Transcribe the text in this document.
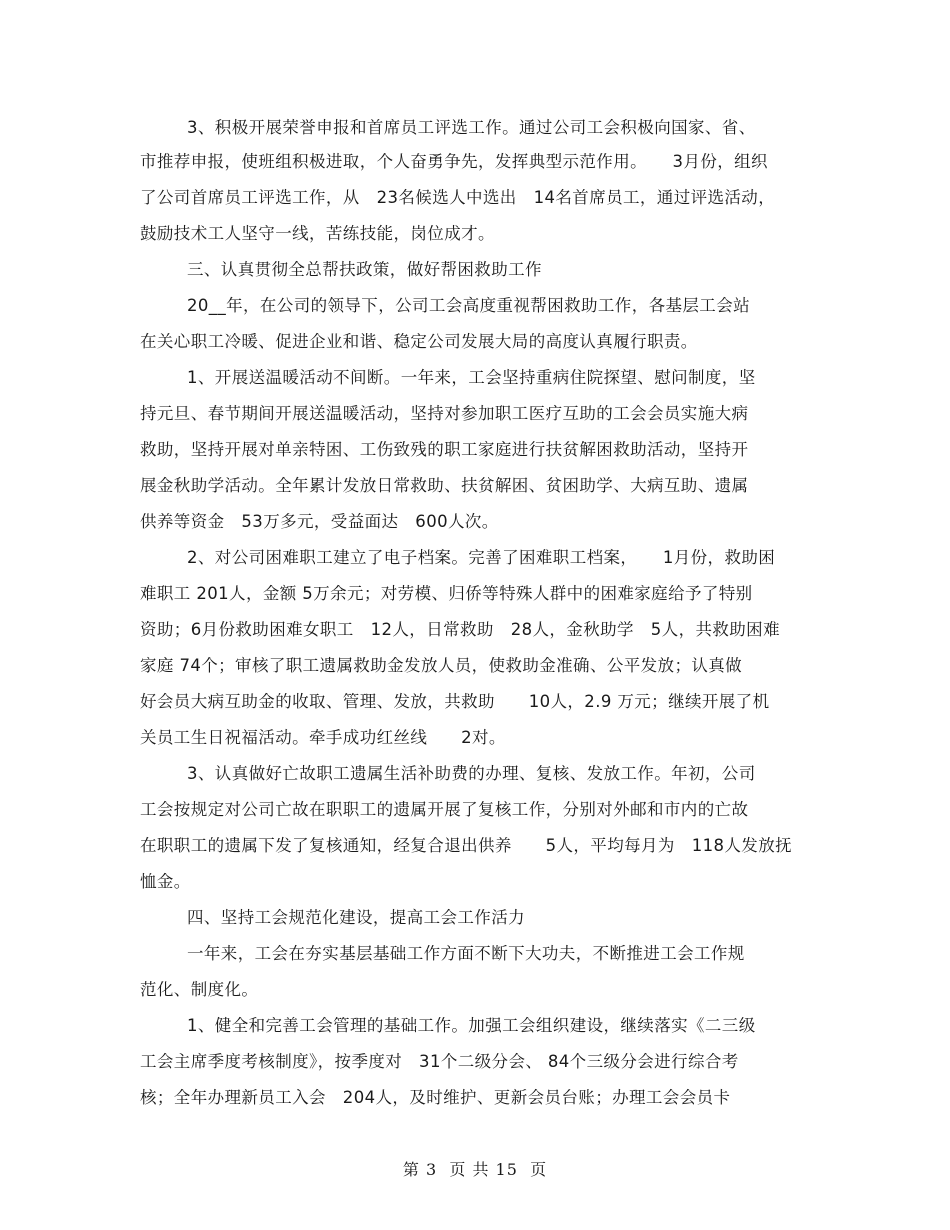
3、积极开展荣誉申报和首席员工评选工作。通过公司工会积极向国家、省、
市推荐申报，使班组积极进取，个人奋勇争先，发挥典型示范作用。　　3月份，组织
了公司首席员工评选工作，从　23名候选人中选出　14名首席员工，通过评选活动，
鼓励技术工人坚守一线，苦练技能，岗位成才。
三、认真贯彻全总帮扶政策，做好帮困救助工作
20__年，在公司的领导下，公司工会高度重视帮困救助工作，各基层工会站
在关心职工冷暖、促进企业和谐、稳定公司发展大局的高度认真履行职责。
1、开展送温暖活动不间断。一年来，工会坚持重病住院探望、慰问制度，坚
持元旦、春节期间开展送温暖活动，坚持对参加职工医疗互助的工会会员实施大病
救助，坚持开展对单亲特困、工伤致残的职工家庭进行扶贫解困救助活动，坚持开
展金秋助学活动。全年累计发放日常救助、扶贫解困、贫困助学、大病互助、遗属
供养等资金　53万多元，受益面达　600人次。
2、对公司困难职工建立了电子档案。完善了困难职工档案，　　1月份，救助困
难职工 201人，金额 5万余元；对劳模、归侨等特殊人群中的困难家庭给予了特别
资助；6月份救助困难女职工　12人，日常救助　28人，金秋助学　5人，共救助困难
家庭 74个；审核了职工遗属救助金发放人员，使救助金准确、公平发放；认真做
好会员大病互助金的收取、管理、发放，共救助　　10人，2.9 万元；继续开展了机
关员工生日祝福活动。牵手成功红丝线　　2对。
3、认真做好亡故职工遗属生活补助费的办理、复核、发放工作。年初，公司
工会按规定对公司亡故在职职工的遗属开展了复核工作，分别对外邮和市内的亡故
在职职工的遗属下发了复核通知，经复合退出供养　　5人，平均每月为　118人发放抚
恤金。
四、坚持工会规范化建设，提高工会工作活力
一年来，工会在夯实基层基础工作方面不断下大功夫，不断推进工会工作规
范化、制度化。
1、健全和完善工会管理的基础工作。加强工会组织建设，继续落实《二三级
工会主席季度考核制度》，按季度对　31个二级分会、 84个三级分会进行综合考
核；全年办理新员工入会　204人，及时维护、更新会员台账；办理工会会员卡
第 3  页 共 15  页
